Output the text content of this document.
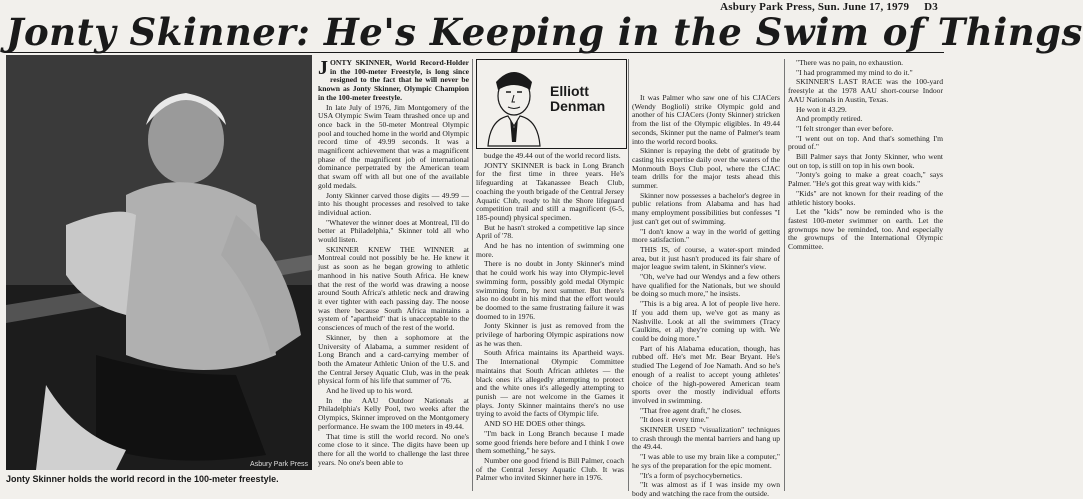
Asbury Park Press, Sun. June 17, 1979 D3
Jonty Skinner: He's Keeping in the Swim of Things
Asbury Park Press
Jonty Skinner holds the world record in the 100-meter freestyle.
J ONTY SKINNER, World Record-Holder in the 100-meter Freestyle, is long since resigned to the fact that he will never be known as Jonty Skinner, Olympic Champion in the 100-meter freestyle.

In late July of 1976, Jim Montgomery of the USA Olympic Swim Team thrashed once up and once back in the 50-meter Montreal Olympic pool and touched home in the world and Olympic record time of 49.99 seconds. It was a magnificent achievement that was a magnificent phase of the magnificent job of international dominance perpetrated by the American team that swam off with all but one of the available gold medals.

Jonty Skinner carved those digits — 49.99 — into his thought processes and resolved to take individual action.

"Whatever the winner does at Montreal, I'll do better at Philadelphia," Skinner told all who would listen.

SKINNER KNEW THE WINNER at Montreal could not possibly be he. He knew it just as soon as he began growing to athletic manhood in his native South Africa. He knew that the rest of the world was drawing a noose around South Africa's athletic neck and drawing it ever tighter with each passing day. The noose was there because South Africa maintains a system of "apartheid" that is unacceptable to the consciences of much of the rest of the world.

Skinner, by then a sophomore at the University of Alabama, a summer resident of Long Branch and a card-carrying member of both the Amateur Athletic Union of the U.S. and the Central Jersey Aquatic Club, was in the peak physical form of his life that summer of '76.

And he lived up to his word.

In the AAU Outdoor Nationals at Philadelphia's Kelly Pool, two weeks after the Olympics, Skinner improved on the Montgomery performance. He swam the 100 meters in 49.44.

That time is still the world record. No one's come close to it since. The digits have been up there for all the world to challenge the last three years. No one's been able to

Elliott
Denman

budge the 49.44 out of the world record lists.

JONTY SKINNER is back in Long Branch for the first time in three years. He's lifeguarding at Takanassee Beach Club, coaching the youth brigade of the Central Jersey Aquatic Club, ready to hit the Shore lifeguard competition trail and still a magnificent (6-5, 185-pound) physical specimen.

But he hasn't stroked a competitive lap since April of '78.

And he has no intention of swimming one more.

There is no doubt in Jonty Skinner's mind that he could work his way into Olympic-level swimming form, possibly gold medal Olympic swimming form, by next summer. But there's also no doubt in his mind that the effort would be doomed to the same frustrating failure it was doomed to in 1976.

Jonty Skinner is just as removed from the privilege of harboring Olympic aspirations now as he was then.

South Africa maintains its Apartheid ways. The International Olympic Committee maintains that South African athletes — the black ones it's allegedly attempting to protect and the white ones it's allegedly attempting to punish — are not welcome in the Games it plays. Jonty Skinner maintains there's no use trying to avoid the facts of Olympic life.

AND SO HE DOES other things.

"I'm back in Long Branch because I made some good friends here before and I think I owe them something," he says.

Number one good friend is Bill Palmer, coach of the Central Jersey Aquatic Club. It was Palmer who invited Skinner here in 1976.

It was Palmer who saw one of his CJACers (Wendy Boglioli) strike Olympic gold and another of his CJACers (Jonty Skinner) stricken from the list of the Olympic eligibles. In 49.44 seconds, Skinner put the name of Palmer's team into the world record books.

Skinner is repaying the debt of gratitude by casting his expertise daily over the waters of the Monmouth Boys Club pool, where the CJAC team drills for the major tests ahead this summer.

Skinner now possesses a bachelor's degree in public relations from Alabama and has had many employment possibilities but confesses "I just can't get out of swimming.

"I don't know a way in the world of getting more satisfaction."

THIS IS, of course, a water-sport minded area, but it just hasn't produced its fair share of major league swim talent, in Skinner's view.

"Oh, we've had our Wendys and a few others have qualified for the Nationals, but we should be doing so much more," he insists.

"This is a big area. A lot of people live here. If you add them up, we've got as many as Nashville. Look at all the swimmers (Tracy Caulkins, et al) they're coming up with. We could be doing more."

Part of his Alabama education, though, has rubbed off. He's met Mr. Bear Bryant. He's studied The Legend of Joe Namath. And so he's enough of a realist to accept young athletes' choice of the high-powered American team sports over the mostly individual efforts involved in swimming.

"That free agent draft," he closes.

"It does it every time."

SKINNER USED "visualization" techniques to crash through the mental barriers and hang up the 49.44.

"I was able to use my brain like a computer," he sys of the preparation for the epic moment.

"It's a form of psychocybernetics.

"It was almost as if I was inside my own body and watching the race from the outside.

"There was no pain, no exhaustion.

"I had programmed my mind to do it."

SKINNER'S LAST RACE was the 100-yard freestyle at the 1978 AAU short-course Indoor AAU Nationals in Austin, Texas.

He won it 43.29.

And promptly retired.

"I felt stronger than ever before.

"I went out on top. And that's something I'm proud of."

Bill Palmer says that Jonty Skinner, who went out on top, is still on top in his own book.

"Jonty's going to make a great coach," says Palmer. "He's got this great way with kids."

"Kids" are not known for their reading of the athletic history books.

Let the "kids" now be reminded who is the fastest 100-meter swimmer on earth. Let the grownups now be reminded, too. And especially the grownups of the International Olympic Committee.
